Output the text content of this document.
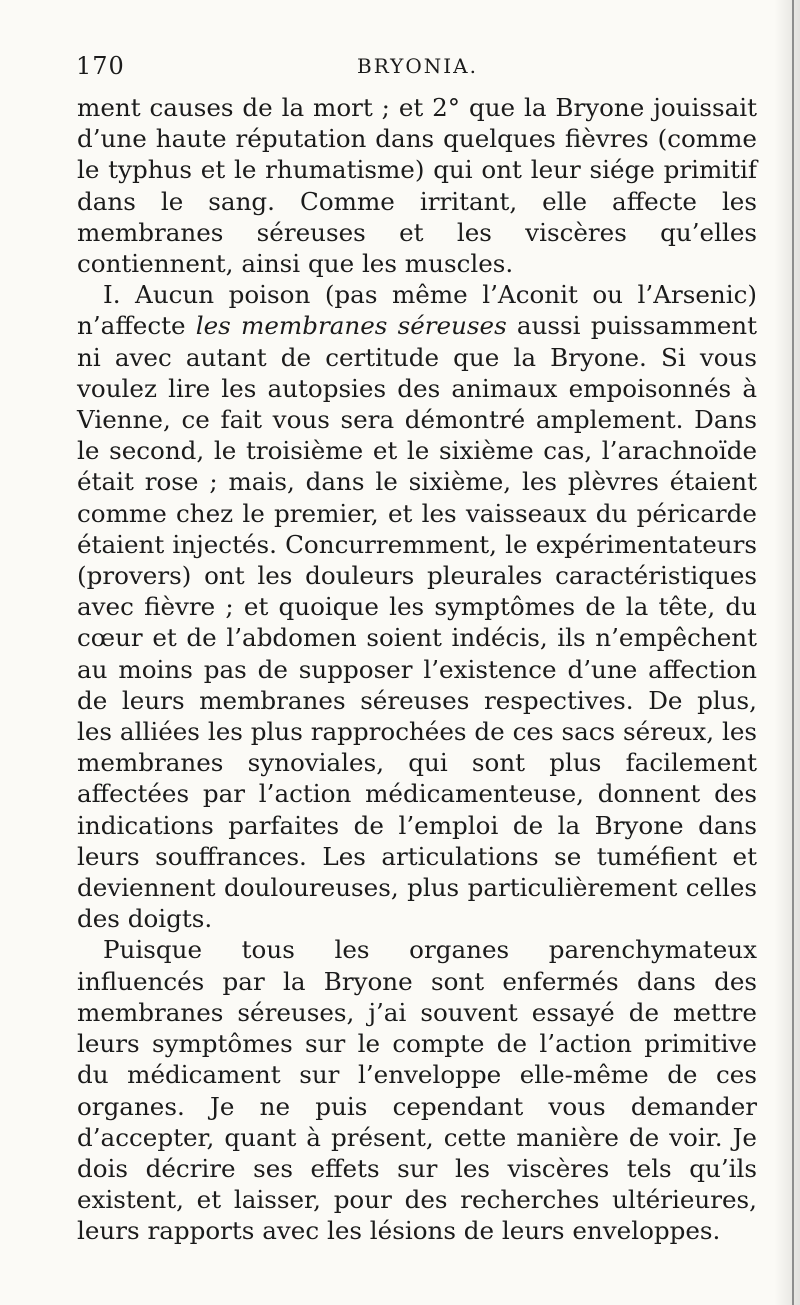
170	BRYONIA.

ment causes de la mort ; et 2° que la Bryone jouissait d’une haute réputation dans quelques fièvres (comme le typhus et le rhumatisme) qui ont leur siége primitif dans le sang. Comme irritant, elle affecte les membranes séreuses et les viscères qu’elles contiennent, ainsi que les muscles.

I. Aucun poison (pas même l’Aconit ou l’Arsenic) n’affecte les membranes séreuses aussi puissamment ni avec autant de certitude que la Bryone. Si vous voulez lire les autopsies des animaux empoisonnés à Vienne, ce fait vous sera démontré amplement. Dans le second, le troisième et le sixième cas, l’arachnoïde était rose ; mais, dans le sixième, les plèvres étaient comme chez le premier, et les vaisseaux du péricarde étaient injectés. Concurremment, le expérimentateurs (provers) ont les douleurs pleurales caractéristiques avec fièvre ; et quoique les symptômes de la tête, du cœur et de l’abdomen soient indécis, ils n’empêchent au moins pas de supposer l’existence d’une affection de leurs membranes séreuses respectives. De plus, les alliées les plus rapprochées de ces sacs séreux, les membranes synoviales, qui sont plus facilement affectées par l’action médicamenteuse, donnent des indications parfaites de l’emploi de la Bryone dans leurs souffrances. Les articulations se tuméfient et deviennent douloureuses, plus particulièrement celles des doigts.

Puisque tous les organes parenchymateux influencés par la Bryone sont enfermés dans des membranes séreuses, j’ai souvent essayé de mettre leurs symptômes sur le compte de l’action primitive du médicament sur l’enveloppe elle-même de ces organes. Je ne puis cependant vous demander d’accepter, quant à présent, cette manière de voir. Je dois décrire ses effets sur les viscères tels qu’ils existent, et laisser, pour des recherches ultérieures, leurs rapports avec les lésions de leurs enveloppes.
